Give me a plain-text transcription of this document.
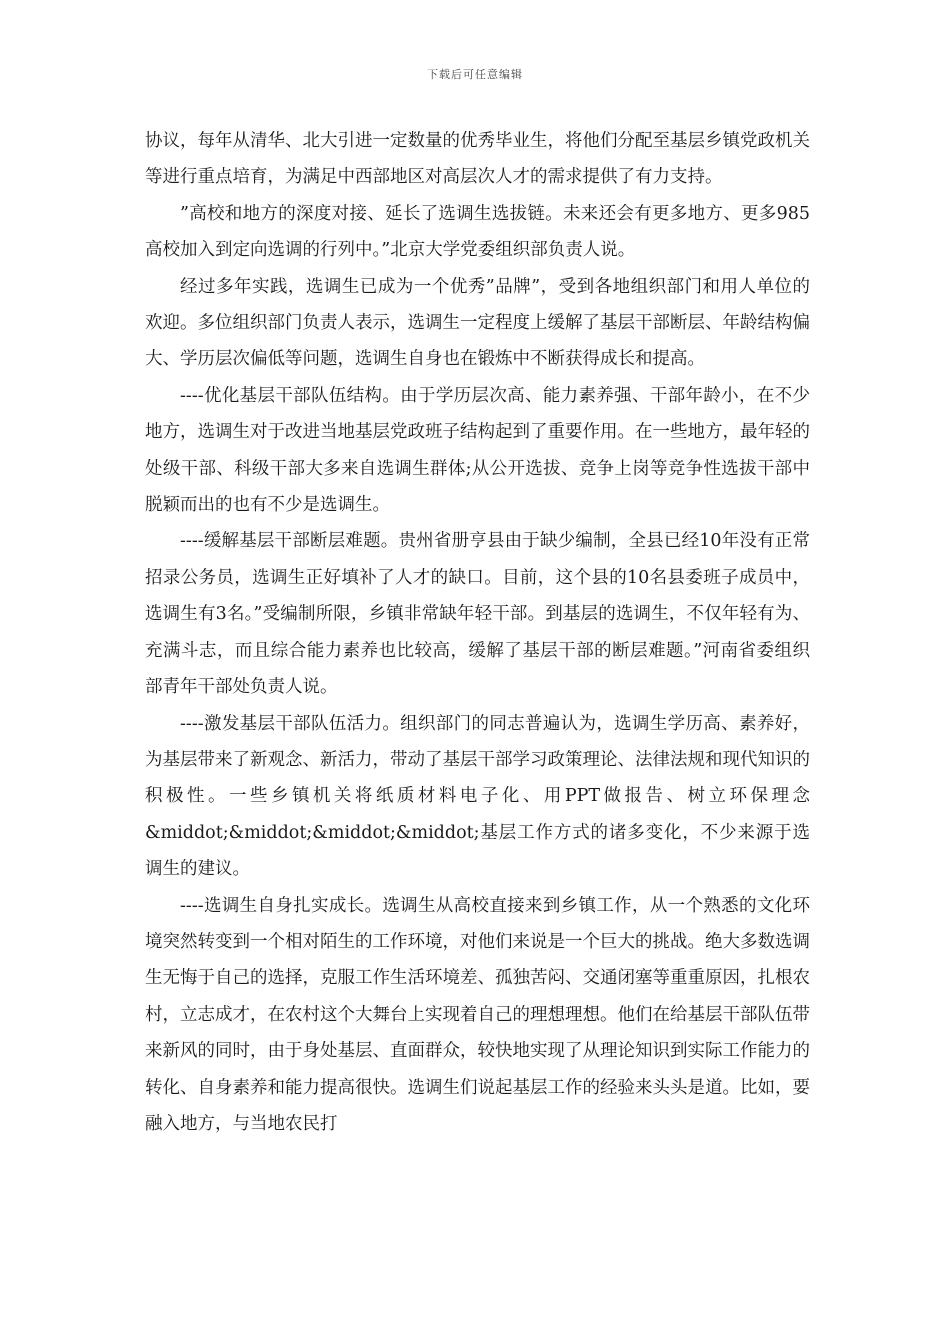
下载后可任意编辑

协议，每年从清华、北大引进一定数量的优秀毕业生，将他们分配至基层乡镇党政机关等进行重点培育，为满足中西部地区对高层次人才的需求提供了有力支持。

”高校和地方的深度对接、延长了选调生选拔链。未来还会有更多地方、更多985高校加入到定向选调的行列中。”北京大学党委组织部负责人说。

经过多年实践，选调生已成为一个优秀”品牌”，受到各地组织部门和用人单位的欢迎。多位组织部门负责人表示，选调生一定程度上缓解了基层干部断层、年龄结构偏大、学历层次偏低等问题，选调生自身也在锻炼中不断获得成长和提高。

----优化基层干部队伍结构。由于学历层次高、能力素养强、干部年龄小，在不少地方，选调生对于改进当地基层党政班子结构起到了重要作用。在一些地方，最年轻的处级干部、科级干部大多来自选调生群体;从公开选拔、竞争上岗等竞争性选拔干部中脱颖而出的也有不少是选调生。

----缓解基层干部断层难题。贵州省册亨县由于缺少编制，全县已经10年没有正常招录公务员，选调生正好填补了人才的缺口。目前，这个县的10名县委班子成员中，选调生有3名。”受编制所限，乡镇非常缺年轻干部。到基层的选调生，不仅年轻有为、充满斗志，而且综合能力素养也比较高，缓解了基层干部的断层难题。”河南省委组织部青年干部处负责人说。

----激发基层干部队伍活力。组织部门的同志普遍认为，选调生学历高、素养好，为基层带来了新观念、新活力，带动了基层干部学习政策理论、法律法规和现代知识的积极性。一些乡镇机关将纸质材料电子化、用PPT做报告、树立环保理念&middot;&middot;&middot;&middot;基层工作方式的诸多变化，不少来源于选调生的建议。

----选调生自身扎实成长。选调生从高校直接来到乡镇工作，从一个熟悉的文化环境突然转变到一个相对陌生的工作环境，对他们来说是一个巨大的挑战。绝大多数选调生无悔于自己的选择，克服工作生活环境差、孤独苦闷、交通闭塞等重重原因，扎根农村，立志成才，在农村这个大舞台上实现着自己的理想理想。他们在给基层干部队伍带来新风的同时，由于身处基层、直面群众，较快地实现了从理论知识到实际工作能力的转化、自身素养和能力提高很快。选调生们说起基层工作的经验来头头是道。比如，要融入地方，与当地农民打
